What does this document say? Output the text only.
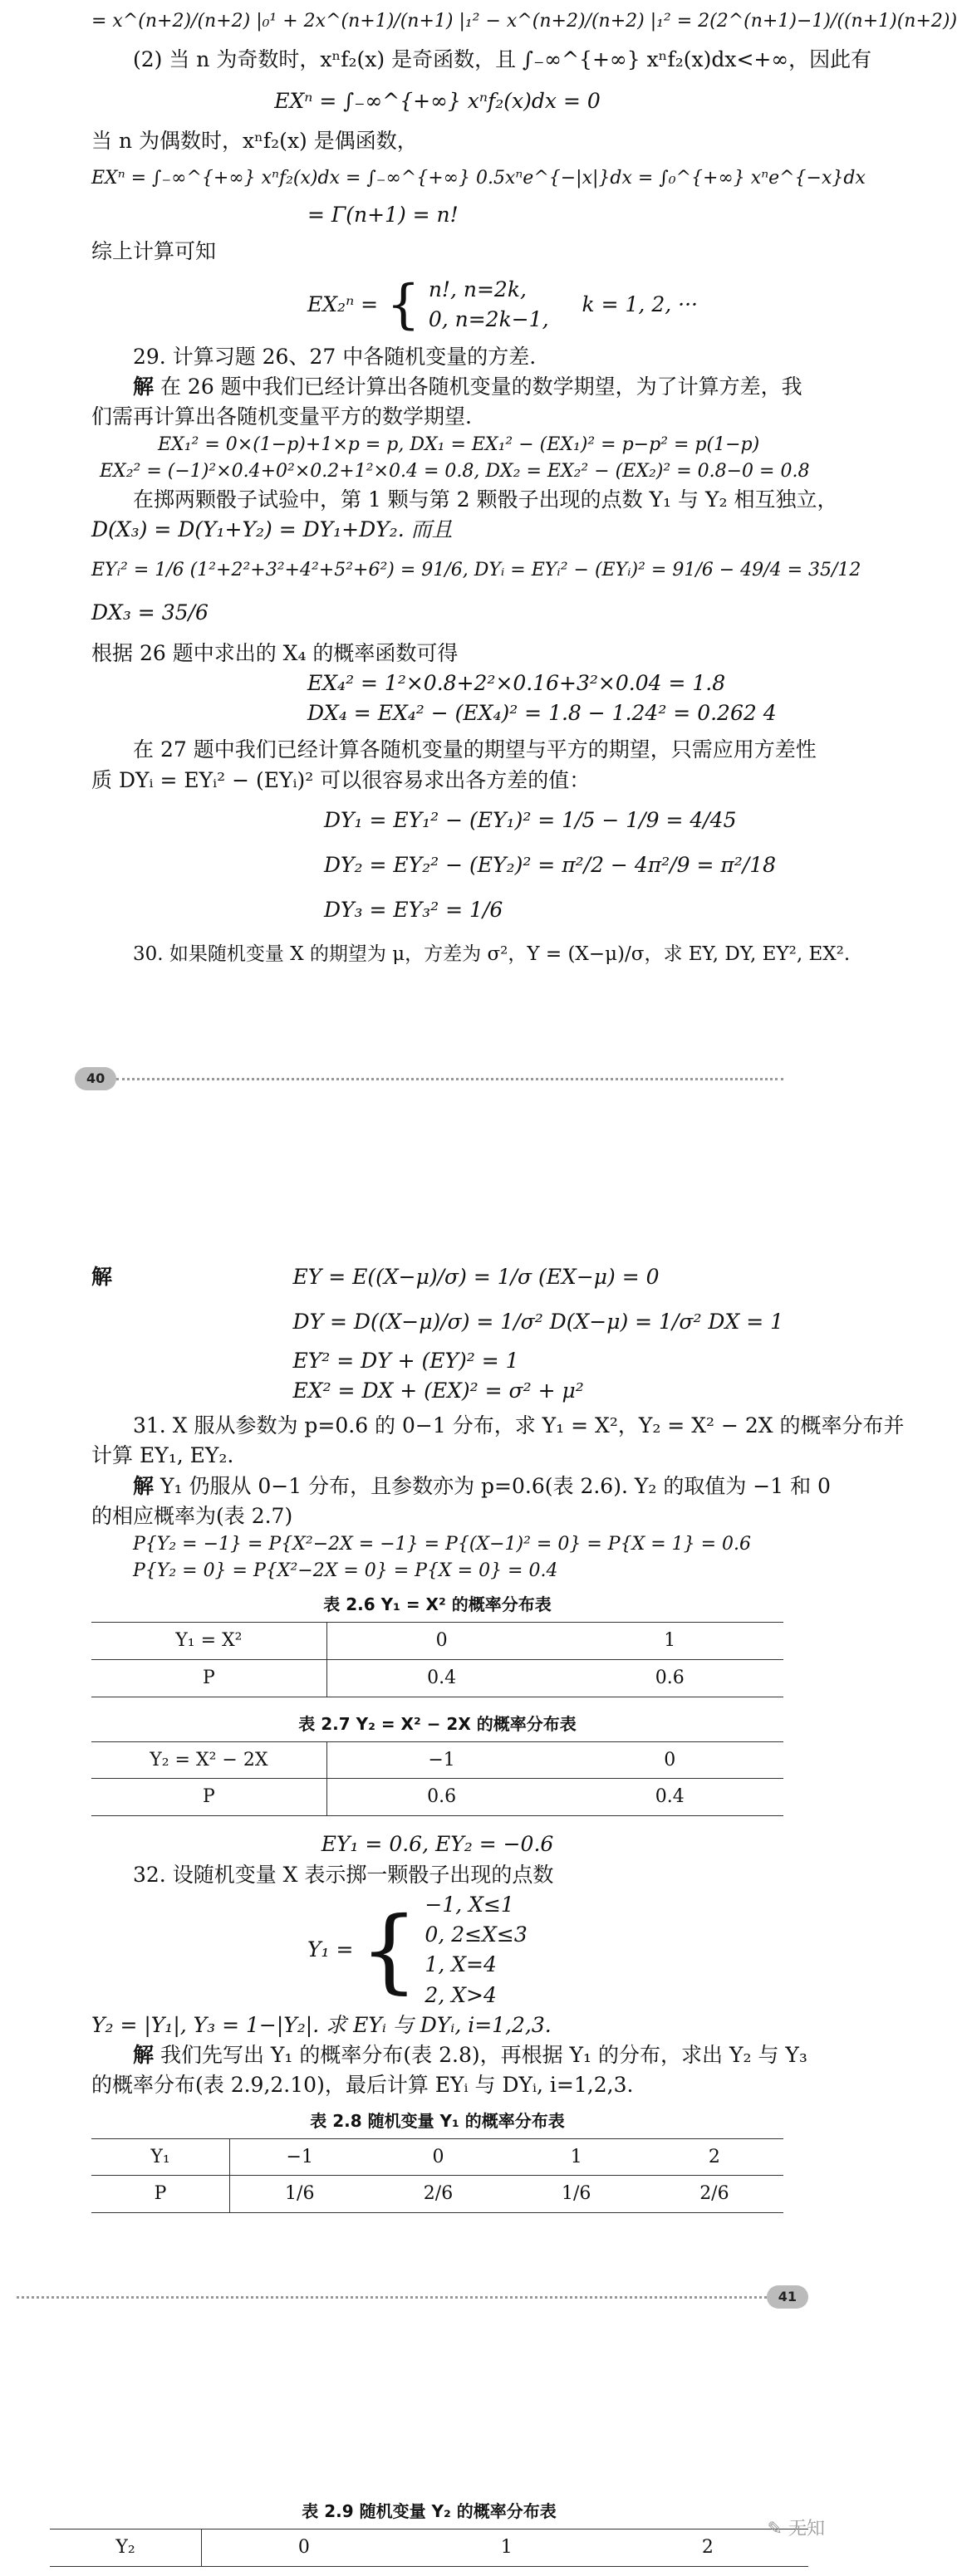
= x^(n+2)/(n+2) |₀¹ + 2x^(n+1)/(n+1) |₁² − x^(n+2)/(n+2) |₁² = 2(2^(n+1)−1)/((n+1)(n+2))
(2) 当 n 为奇数时，xⁿf₂(x) 是奇函数，且 ∫₋∞^{+∞} xⁿf₂(x)dx<+∞，因此有
EXⁿ = ∫₋∞^{+∞} xⁿf₂(x)dx = 0
当 n 为偶数时，xⁿf₂(x) 是偶函数，
EXⁿ = ∫₋∞^{+∞} xⁿf₂(x)dx = ∫₋∞^{+∞} 0.5xⁿe^{−|x|}dx = ∫₀^{+∞} xⁿe^{−x}dx
= Γ(n+1) = n!
综上计算可知
EX₂ⁿ = { n!, n=2k,
0, n=2k−1,
k = 1, 2, ···
29. 计算习题 26、27 中各随机变量的方差.
解 在 26 题中我们已经计算出各随机变量的数学期望，为了计算方差，我
们需再计算出各随机变量平方的数学期望.
EX₁² = 0×(1−p)+1×p = p, DX₁ = EX₁² − (EX₁)² = p−p² = p(1−p)
EX₂² = (−1)²×0.4+0²×0.2+1²×0.4 = 0.8, DX₂ = EX₂² − (EX₂)² = 0.8−0 = 0.8
在掷两颗骰子试验中，第 1 颗与第 2 颗骰子出现的点数 Y₁ 与 Y₂ 相互独立，
D(X₃) = D(Y₁+Y₂) = DY₁+DY₂. 而且
EYᵢ² = 1/6 (1²+2²+3²+4²+5²+6²) = 91/6, DYᵢ = EYᵢ² − (EYᵢ)² = 91/6 − 49/4 = 35/12
DX₃ = 35/6
根据 26 题中求出的 X₄ 的概率函数可得
EX₄² = 1²×0.8+2²×0.16+3²×0.04 = 1.8
DX₄ = EX₄² − (EX₄)² = 1.8 − 1.24² = 0.262 4
在 27 题中我们已经计算各随机变量的期望与平方的期望，只需应用方差性
质 DYᵢ = EYᵢ² − (EYᵢ)² 可以很容易求出各方差的值：
DY₁ = EY₁² − (EY₁)² = 1/5 − 1/9 = 4/45
DY₂ = EY₂² − (EY₂)² = π²/2 − 4π²/9 = π²/18
DY₃ = EY₃² = 1/6
30. 如果随机变量 X 的期望为 μ，方差为 σ²，Y = (X−μ)/σ，求 EY, DY, EY², EX².
40
解	EY = E((X−μ)/σ) = 1/σ (EX−μ) = 0
DY = D((X−μ)/σ) = 1/σ² D(X−μ) = 1/σ² DX = 1
EY² = DY + (EY)² = 1
EX² = DX + (EX)² = σ² + μ²
31. X 服从参数为 p=0.6 的 0−1 分布，求 Y₁ = X²，Y₂ = X² − 2X 的概率分布并
计算 EY₁, EY₂.
解 Y₁ 仍服从 0−1 分布，且参数亦为 p=0.6(表 2.6). Y₂ 的取值为 −1 和 0
的相应概率为(表 2.7)
P{Y₂ = −1} = P{X²−2X = −1} = P{(X−1)² = 0} = P{X = 1} = 0.6
P{Y₂ = 0} = P{X²−2X = 0} = P{X = 0} = 0.4
表 2.6 Y₁ = X² 的概率分布表
Y₁ = X²	0	1
P	0.4	0.6
表 2.7 Y₂ = X² − 2X 的概率分布表
Y₂ = X² − 2X	−1	0
P	0.6	0.4
EY₁ = 0.6, EY₂ = −0.6
32. 设随机变量 X 表示掷一颗骰子出现的点数
Y₁ = { −1, X≤1
0, 2≤X≤3
1, X=4
2, X>4
Y₂ = |Y₁|, Y₃ = 1−|Y₂|. 求 EYᵢ 与 DYᵢ, i=1,2,3.
解 我们先写出 Y₁ 的概率分布(表 2.8)，再根据 Y₁ 的分布，求出 Y₂ 与 Y₃
的概率分布(表 2.9,2.10)，最后计算 EYᵢ 与 DYᵢ, i=1,2,3.
表 2.8 随机变量 Y₁ 的概率分布表
Y₁	−1	0	1	2
P	1/6	2/6	1/6	2/6
41
表 2.9 随机变量 Y₂ 的概率分布表
Y₂	0	1	2
✎ 无知
